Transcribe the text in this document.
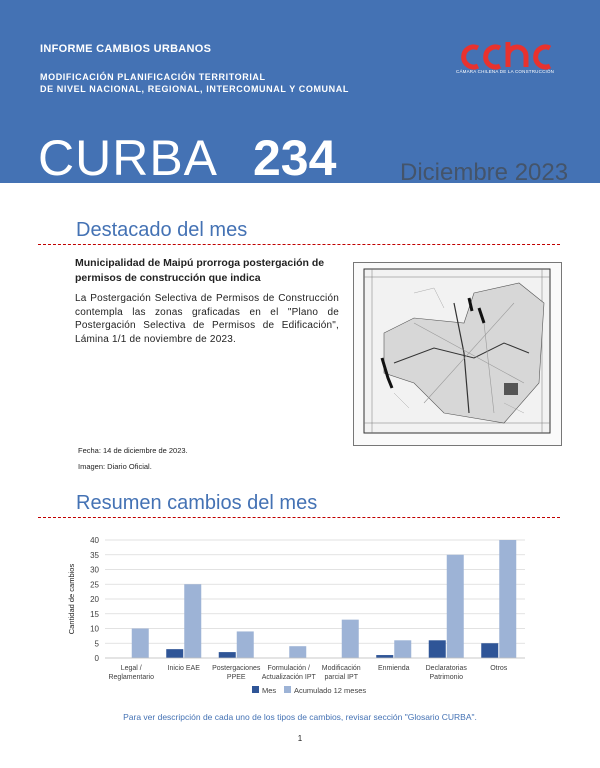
INFORME CAMBIOS URBANOS
MODIFICACIÓN PLANIFICACIÓN TERRITORIAL
DE NIVEL NACIONAL, REGIONAL, INTERCOMUNAL Y COMUNAL
CÁMARA CHILENA DE LA CONSTRUCCIÓN
CURBA 234	Diciembre 2023
Destacado del mes
Municipalidad de Maipú prorroga postergación de permisos de construcción que indica
La Postergación Selectiva de Permisos de Construcción contempla las zonas graficadas en el "Plano de Postergación Selectiva de Permisos de Edificación", Lámina 1/1 de noviembre de 2023.
Fecha: 14 de diciembre de 2023.
Imagen: Diario Oficial.
Resumen cambios del mes
0
5
10
15
20
25
30
35
40
Cantidad de cambios
Legal /
Reglamentario
Inicio EAE Postergaciones
PPEE
Formulación /
Actualización IPT
Modificación
parcial IPT
Enmienda Declaratorias
Patrimonio
Otros
Mes Acumulado 12 meses
Para ver descripción de cada uno de los tipos de cambios, revisar sección "Glosario CURBA".
1
